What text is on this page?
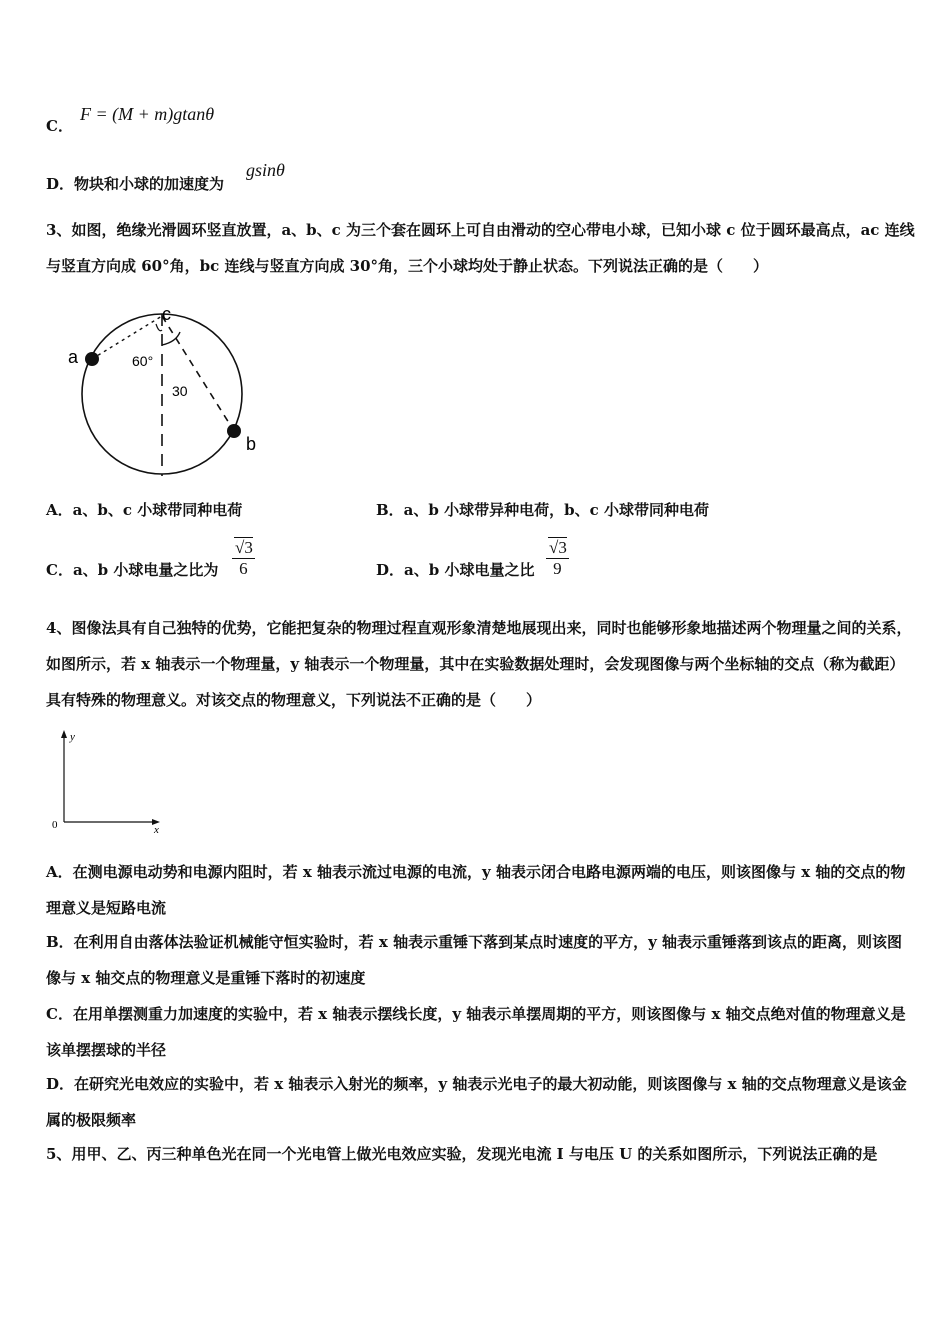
C．
F = (M + m)gtanθ
D．物块和小球的加速度为
gsinθ
3、如图，绝缘光滑圆环竖直放置，a、b、c 为三个套在圆环上可自由滑动的空心带电小球，已知小球 c 位于圆环最高点，ac 连线与竖直方向成 60°角，bc 连线与竖直方向成 30°角，三个小球均处于静止状态。下列说法正确的是（　　）
a
b
c
60°
30
A．a、b、c 小球带同种电荷	B．a、b 小球带异种电荷，b、c 小球带同种电荷
C．a、b 小球电量之比为 $\frac{√3}{6}$	D．a、b 小球电量之比 $\frac{√3}{9}$
4、图像法具有自己独特的优势，它能把复杂的物理过程直观形象清楚地展现出来，同时也能够形象地描述两个物理量之间的关系，如图所示，若 x 轴表示一个物理量，y 轴表示一个物理量，其中在实验数据处理时，会发现图像与两个坐标轴的交点（称为截距）具有特殊的物理意义。对该交点的物理意义，下列说法不正确的是（　　）
y
x
0
A．在测电源电动势和电源内阻时，若 x 轴表示流过电源的电流，y 轴表示闭合电路电源两端的电压，则该图像与 x 轴的交点的物理意义是短路电流
B．在利用自由落体法验证机械能守恒实验时，若 x 轴表示重锤下落到某点时速度的平方，y 轴表示重锤落到该点的距离，则该图像与 x 轴交点的物理意义是重锤下落时的初速度
C．在用单摆测重力加速度的实验中，若 x 轴表示摆线长度，y 轴表示单摆周期的平方，则该图像与 x 轴交点绝对值的物理意义是该单摆摆球的半径
D．在研究光电效应的实验中，若 x 轴表示入射光的频率，y 轴表示光电子的最大初动能，则该图像与 x 轴的交点物理意义是该金属的极限频率
5、用甲、乙、丙三种单色光在同一个光电管上做光电效应实验，发现光电流 I 与电压 U 的关系如图所示，下列说法正确的是
